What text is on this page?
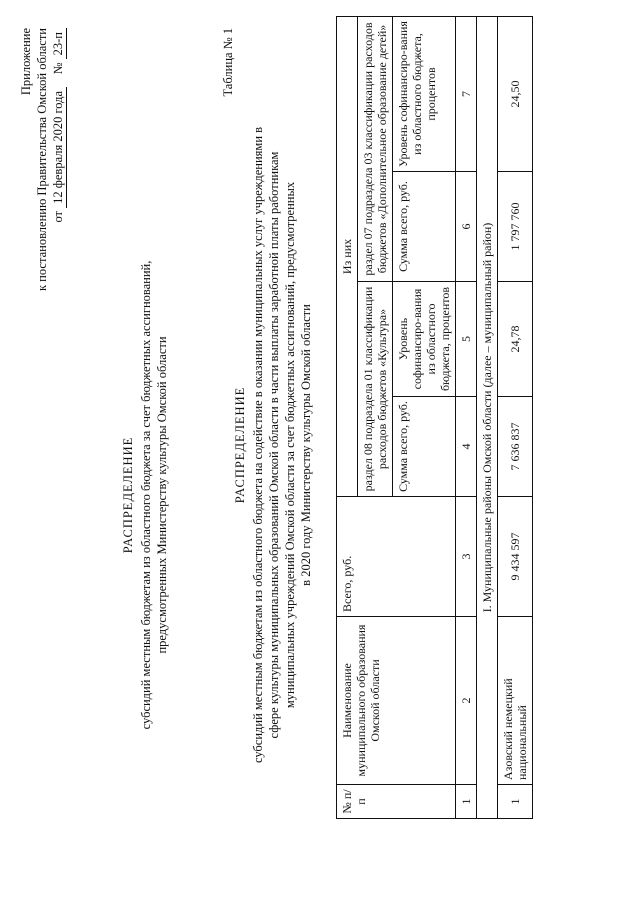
Приложение к постановлению Правительства Омской области от 12 февраля 2020 года    № 23-п
РАСПРЕДЕЛЕНИЕ субсидий местным бюджетам из областного бюджета за счет бюджетных ассигнований, предусмотренных Министерству культуры Омской области
Таблица № 1
РАСПРЕДЕЛЕНИЕ субсидий местным бюджетам из областного бюджета на содействие в оказании муниципальных услуг учреждениями в сфере культуры муниципальных образований Омской области в части выплаты заработной платы работникам муниципальных учреждений Омской области за счет бюджетных ассигнований, предусмотренных в 2020 году Министерству культуры Омской области
№ п/п	Наименование муниципального образования Омской области	Всего, руб.	Из них			
			раздел 08 подраздела 01 классификации расходов бюджетов «Культура»		раздел 07 подраздела 03 классификации расходов бюджетов «Дополнительное образование детей»	
			Сумма всего, руб.	Уровень софинансиро-вания из областного бюджета, процентов	Сумма всего, руб.	Уровень софинансиро-вания из областного бюджета, процентов
1	2	3	4	5	6	7
I. Муниципальные районы Омской области (далее – муниципальный район)						
1	Азовский немецкий национальный	9 434 597	7 636 837	24,78	1 797 760	24,50
